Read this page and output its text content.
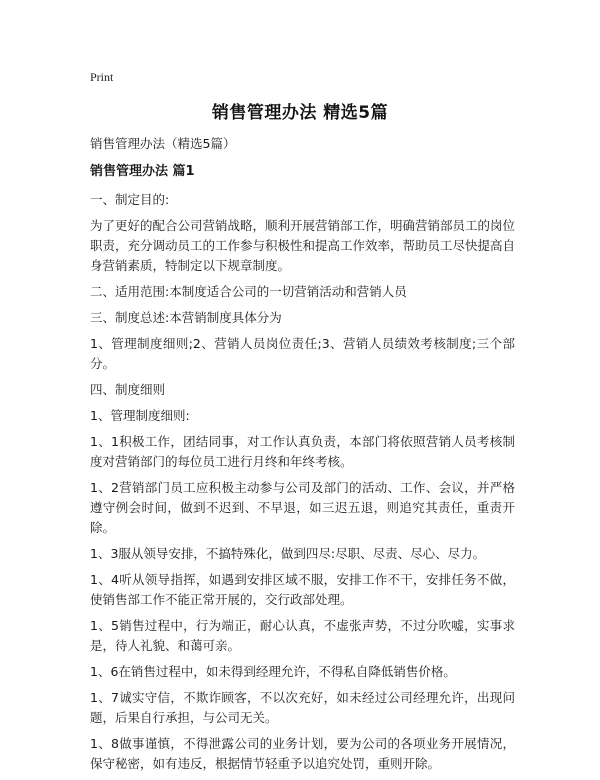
Print
销售管理办法 精选5篇

销售管理办法（精选5篇）

销售管理办法 篇1

一、制定目的:

为了更好的配合公司营销战略，顺利开展营销部工作，明确营销部员工的岗位职责，充分调动员工的工作参与积极性和提高工作效率，帮助员工尽快提高自身营销素质，特制定以下规章制度。

二、适用范围:本制度适合公司的一切营销活动和营销人员

三、制度总述:本营销制度具体分为

1、管理制度细则;2、营销人员岗位责任;3、营销人员绩效考核制度;三个部分。

四、制度细则

1、管理制度细则:

1、1积极工作，团结同事，对工作认真负责，本部门将依照营销人员考核制度对营销部门的每位员工进行月终和年终考核。

1、2营销部门员工应积极主动参与公司及部门的活动、工作、会议，并严格遵守例会时间，做到不迟到、不早退，如三迟五退，则追究其责任，重责开除。

1、3服从领导安排，不搞特殊化，做到四尽:尽职、尽责、尽心、尽力。

1、4听从领导指挥，如遇到安排区域不服，安排工作不干，安排任务不做，使销售部工作不能正常开展的，交行政部处理。

1、5销售过程中，行为端正，耐心认真，不虚张声势，不过分吹嘘，实事求是，待人礼貌、和蔼可亲。

1、6在销售过程中，如未得到经理允许，不得私自降低销售价格。

1、7诚实守信，不欺诈顾客，不以次充好，如未经过公司经理允许，出现问题，后果自行承担，与公司无关。

1、8做事谨慎，不得泄露公司的业务计划，要为公司的各项业务开展情况，保守秘密，如有违反，根据情节轻重予以追究处罚，重则开除。
